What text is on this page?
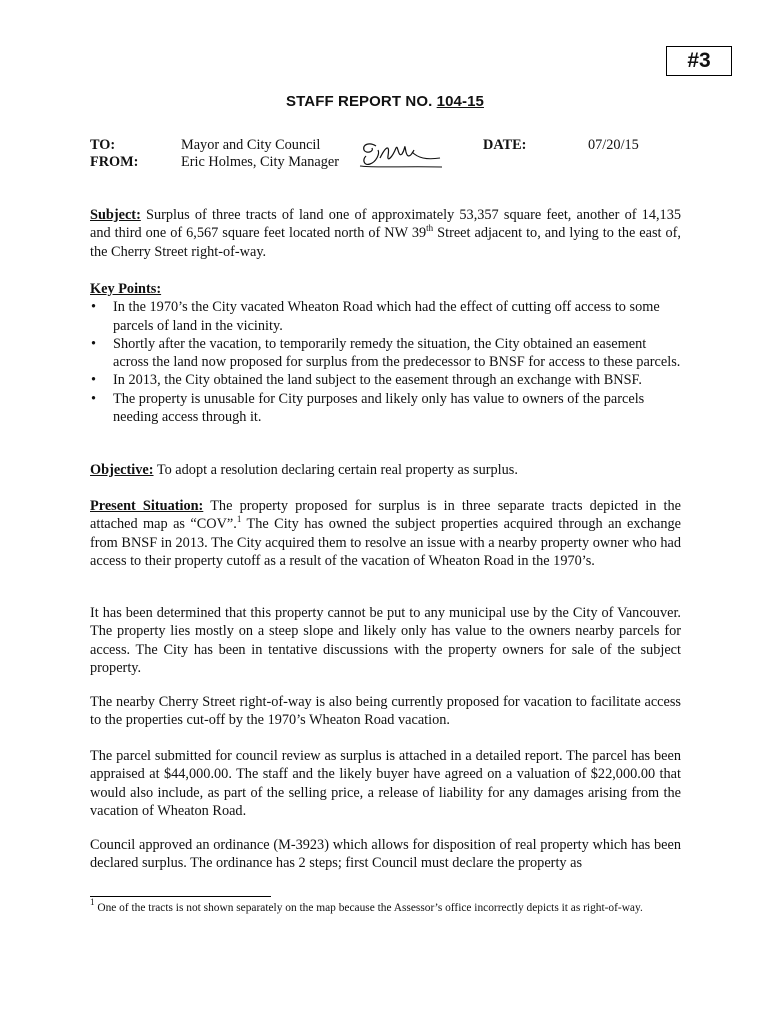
#3
STAFF REPORT NO. 104-15
TO:	Mayor and City Council
FROM:	Eric Holmes, City Manager
DATE:	07/20/15
Subject: Surplus of three tracts of land one of approximately 53,357 square feet, another of 14,135 and third one of 6,567 square feet located north of NW 39th Street adjacent to, and lying to the east of, the Cherry Street right-of-way.
Key Points:
• In the 1970’s the City vacated Wheaton Road which had the effect of cutting off access to some parcels of land in the vicinity.
• Shortly after the vacation, to temporarily remedy the situation, the City obtained an easement across the land now proposed for surplus from the predecessor to BNSF for access to these parcels.
• In 2013, the City obtained the land subject to the easement through an exchange with BNSF.
• The property is unusable for City purposes and likely only has value to owners of the parcels needing access through it.
Objective: To adopt a resolution declaring certain real property as surplus.
Present Situation: The property proposed for surplus is in three separate tracts depicted in the attached map as “COV”.$^1$ The City has owned the subject properties acquired through an exchange from BNSF in 2013. The City acquired them to resolve an issue with a nearby property owner who had access to their property cutoff as a result of the vacation of Wheaton Road in the 1970’s.
It has been determined that this property cannot be put to any municipal use by the City of Vancouver. The property lies mostly on a steep slope and likely only has value to the owners nearby parcels for access. The City has been in tentative discussions with the property owners for sale of the subject property.
The nearby Cherry Street right-of-way is also being currently proposed for vacation to facilitate access to the properties cut-off by the 1970’s Wheaton Road vacation.
The parcel submitted for council review as surplus is attached in a detailed report. The parcel has been appraised at $44,000.00. The staff and the likely buyer have agreed on a valuation of $22,000.00 that would also include, as part of the selling price, a release of liability for any damages arising from the vacation of Wheaton Road.
Council approved an ordinance (M-3923) which allows for disposition of real property which has been declared surplus. The ordinance has 2 steps; first Council must declare the property as
$^1$ One of the tracts is not shown separately on the map because the Assessor’s office incorrectly depicts it as right-of-way.
